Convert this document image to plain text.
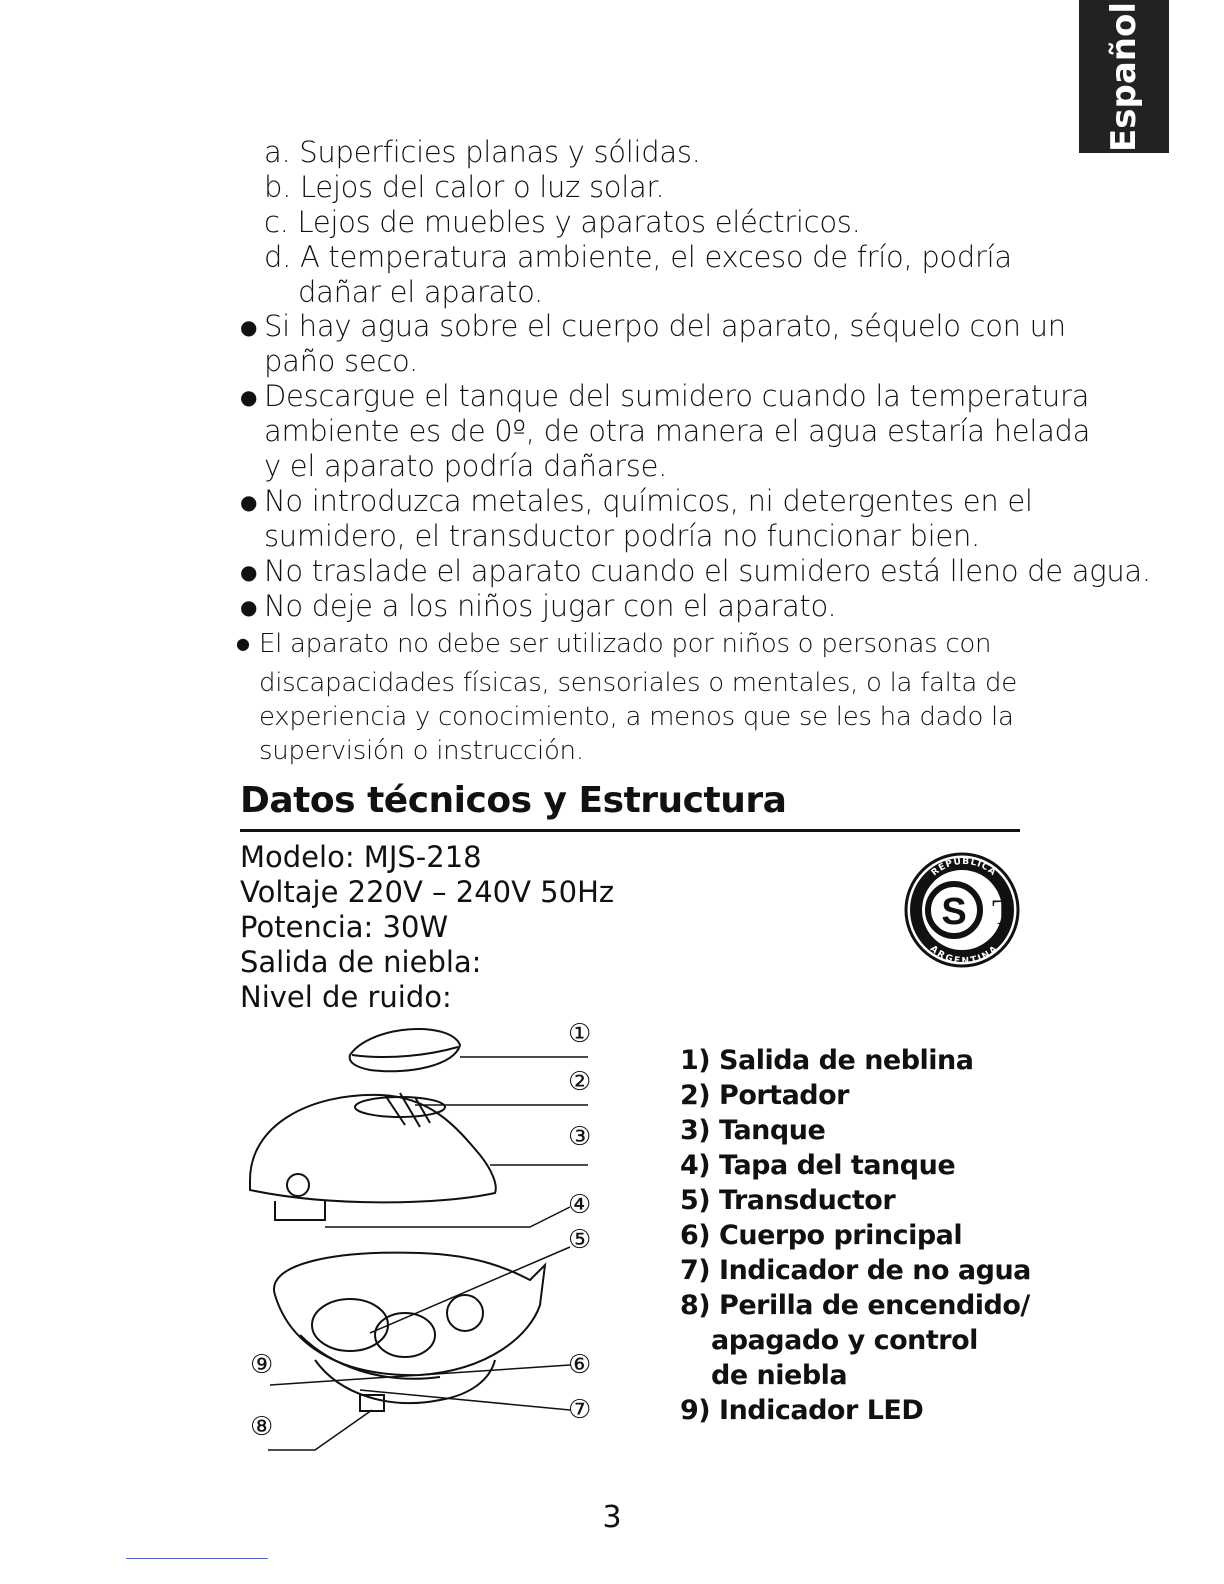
Español
a. Superficies planas y sólidas.
b. Lejos del calor o luz solar.
c. Lejos de muebles y aparatos eléctricos.
d. A temperatura ambiente, el exceso de frío, podría
dañar el aparato.
● Si hay agua sobre el cuerpo del aparato, séquelo con un
paño seco.
● Descargue el tanque del sumidero cuando la temperatura
ambiente es de 0º, de otra manera el agua estaría helada
y el aparato podría dañarse.
● No introduzca metales, químicos, ni detergentes en el
sumidero, el transductor podría no funcionar bien.
● No traslade el aparato cuando el sumidero está lleno de agua.
● No deje a los niños jugar con el aparato.
● El aparato no debe ser utilizado por niños o personas con
discapacidades físicas, sensoriales o mentales, o la falta de
experiencia y conocimiento, a menos que se les ha dado la
supervisión o instrucción.
Datos técnicos y Estructura
Modelo: MJS-218
Voltaje 220V – 240V 50Hz
Potencia: 30W
Salida de niebla:
Nivel de ruido:
REPUBLICA
ARGENTINA
S T
①
②
③
④
⑤
⑨	⑥
⑧
⑦
1) Salida de neblina
2) Portador
3) Tanque
4) Tapa del tanque
5) Transductor
6) Cuerpo principal
7) Indicador de no agua
8) Perilla de encendido/
apagado y control
de niebla
9) Indicador LED
3
